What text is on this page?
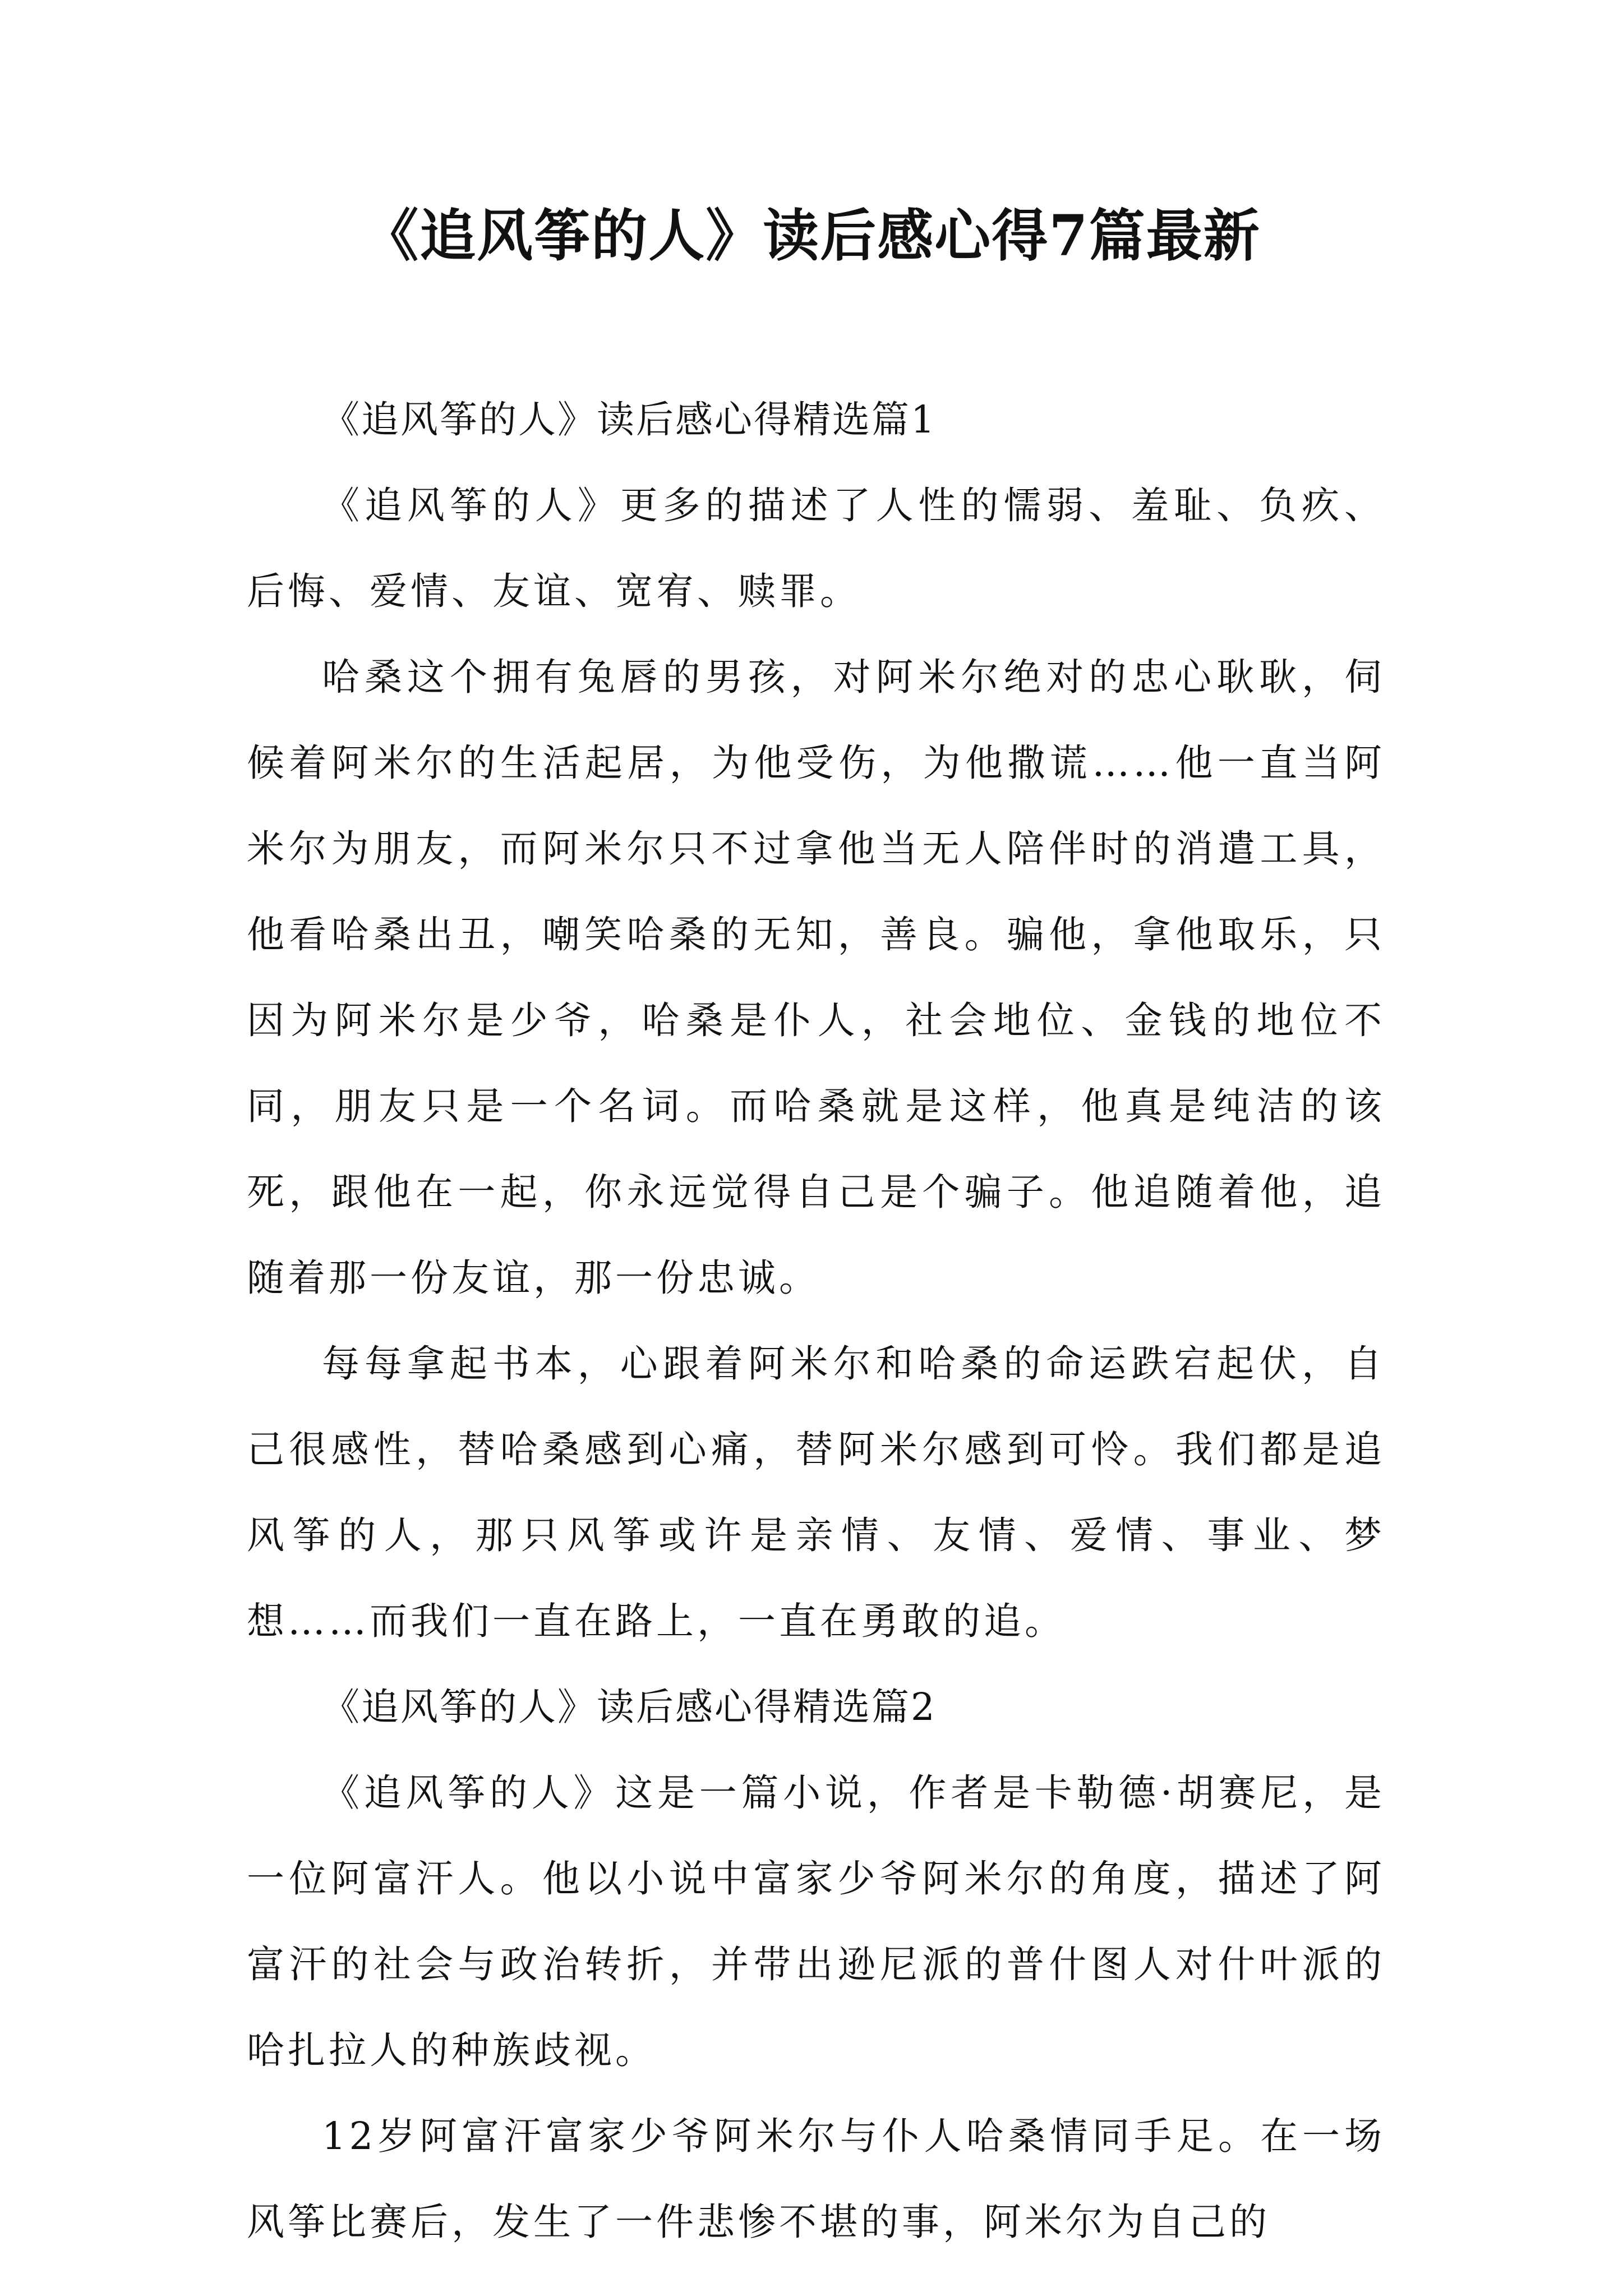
《追风筝的人》读后感心得7篇最新

《追风筝的人》读后感心得精选篇1

《追风筝的人》更多的描述了人性的懦弱、羞耻、负疚、后悔、爱情、友谊、宽宥、赎罪。

哈桑这个拥有兔唇的男孩，对阿米尔绝对的忠心耿耿，伺候着阿米尔的生活起居，为他受伤，为他撒谎……他一直当阿米尔为朋友，而阿米尔只不过拿他当无人陪伴时的消遣工具，他看哈桑出丑，嘲笑哈桑的无知，善良。骗他，拿他取乐，只因为阿米尔是少爷，哈桑是仆人，社会地位、金钱的地位不同，朋友只是一个名词。而哈桑就是这样，他真是纯洁的该死，跟他在一起，你永远觉得自己是个骗子。他追随着他，追随着那一份友谊，那一份忠诚。

每每拿起书本，心跟着阿米尔和哈桑的命运跌宕起伏，自己很感性，替哈桑感到心痛，替阿米尔感到可怜。我们都是追风筝的人，那只风筝或许是亲情、友情、爱情、事业、梦想……而我们一直在路上，一直在勇敢的追。

《追风筝的人》读后感心得精选篇2

《追风筝的人》这是一篇小说，作者是卡勒德·胡赛尼，是一位阿富汗人。他以小说中富家少爷阿米尔的角度，描述了阿富汗的社会与政治转折，并带出逊尼派的普什图人对什叶派的哈扎拉人的种族歧视。

12岁阿富汗富家少爷阿米尔与仆人哈桑情同手足。在一场风筝比赛后，发生了一件悲惨不堪的事，阿米尔为自己的
